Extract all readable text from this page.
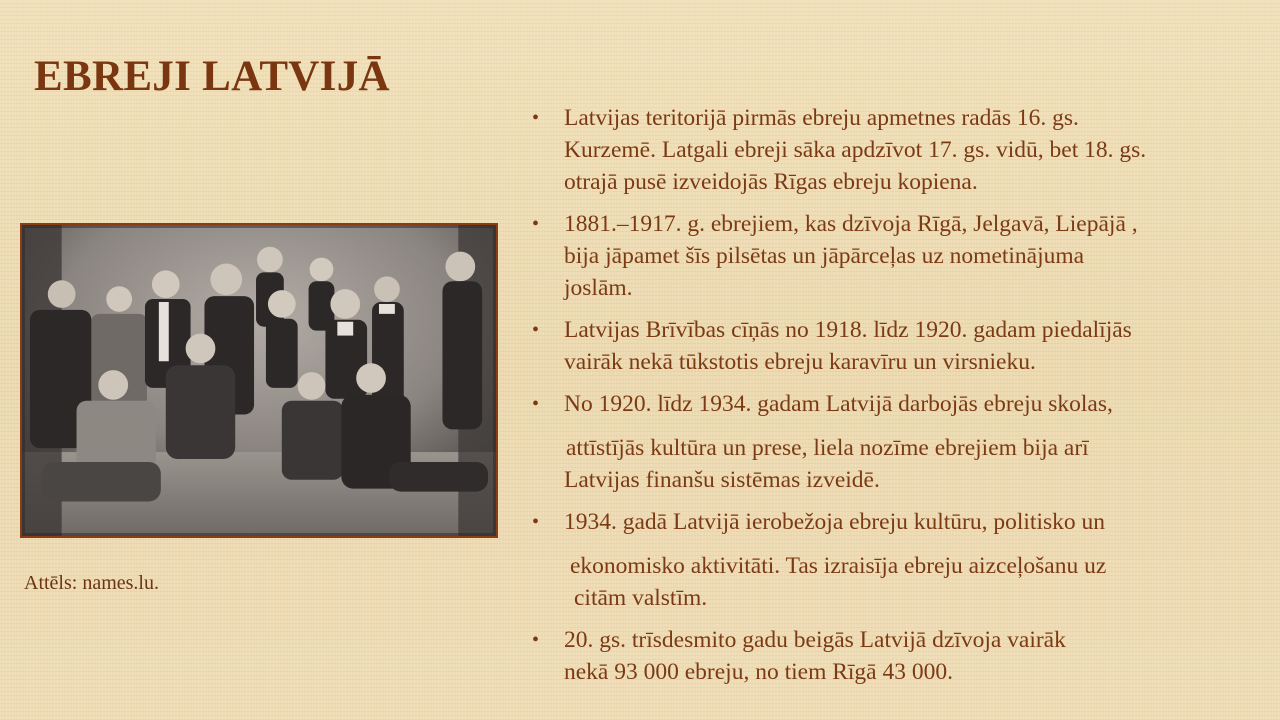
EBREJI LATVIJĀ
Attēls: names.lu.
• Latvijas teritorijā pirmās ebreju apmetnes radās 16. gs.
Kurzemē. Latgali ebreji sāka apdzīvot 17. gs. vidū, bet 18. gs.
otrajā pusē izveidojās Rīgas ebreju kopiena.
• 1881.–1917. g. ebrejiem, kas dzīvoja Rīgā, Jelgavā, Liepājā ,
bija jāpamet šīs pilsētas un jāpārceļas uz nometinājuma
joslām.
• Latvijas Brīvības cīņās no 1918. līdz 1920. gadam piedalījās
vairāk nekā tūkstotis ebreju karavīru un virsnieku.
• No 1920. līdz 1934. gadam Latvijā darbojās ebreju skolas,
attīstījās kultūra un prese, liela nozīme ebrejiem bija arī
Latvijas finanšu sistēmas izveidē.
• 1934. gadā Latvijā ierobežoja ebreju kultūru, politisko un
ekonomisko aktivitāti. Tas izraisīja ebreju aizceļošanu uz
citām valstīm.
• 20. gs. trīsdesmito gadu beigās Latvijā dzīvoja vairāk
nekā 93 000 ebreju, no tiem Rīgā 43 000.
